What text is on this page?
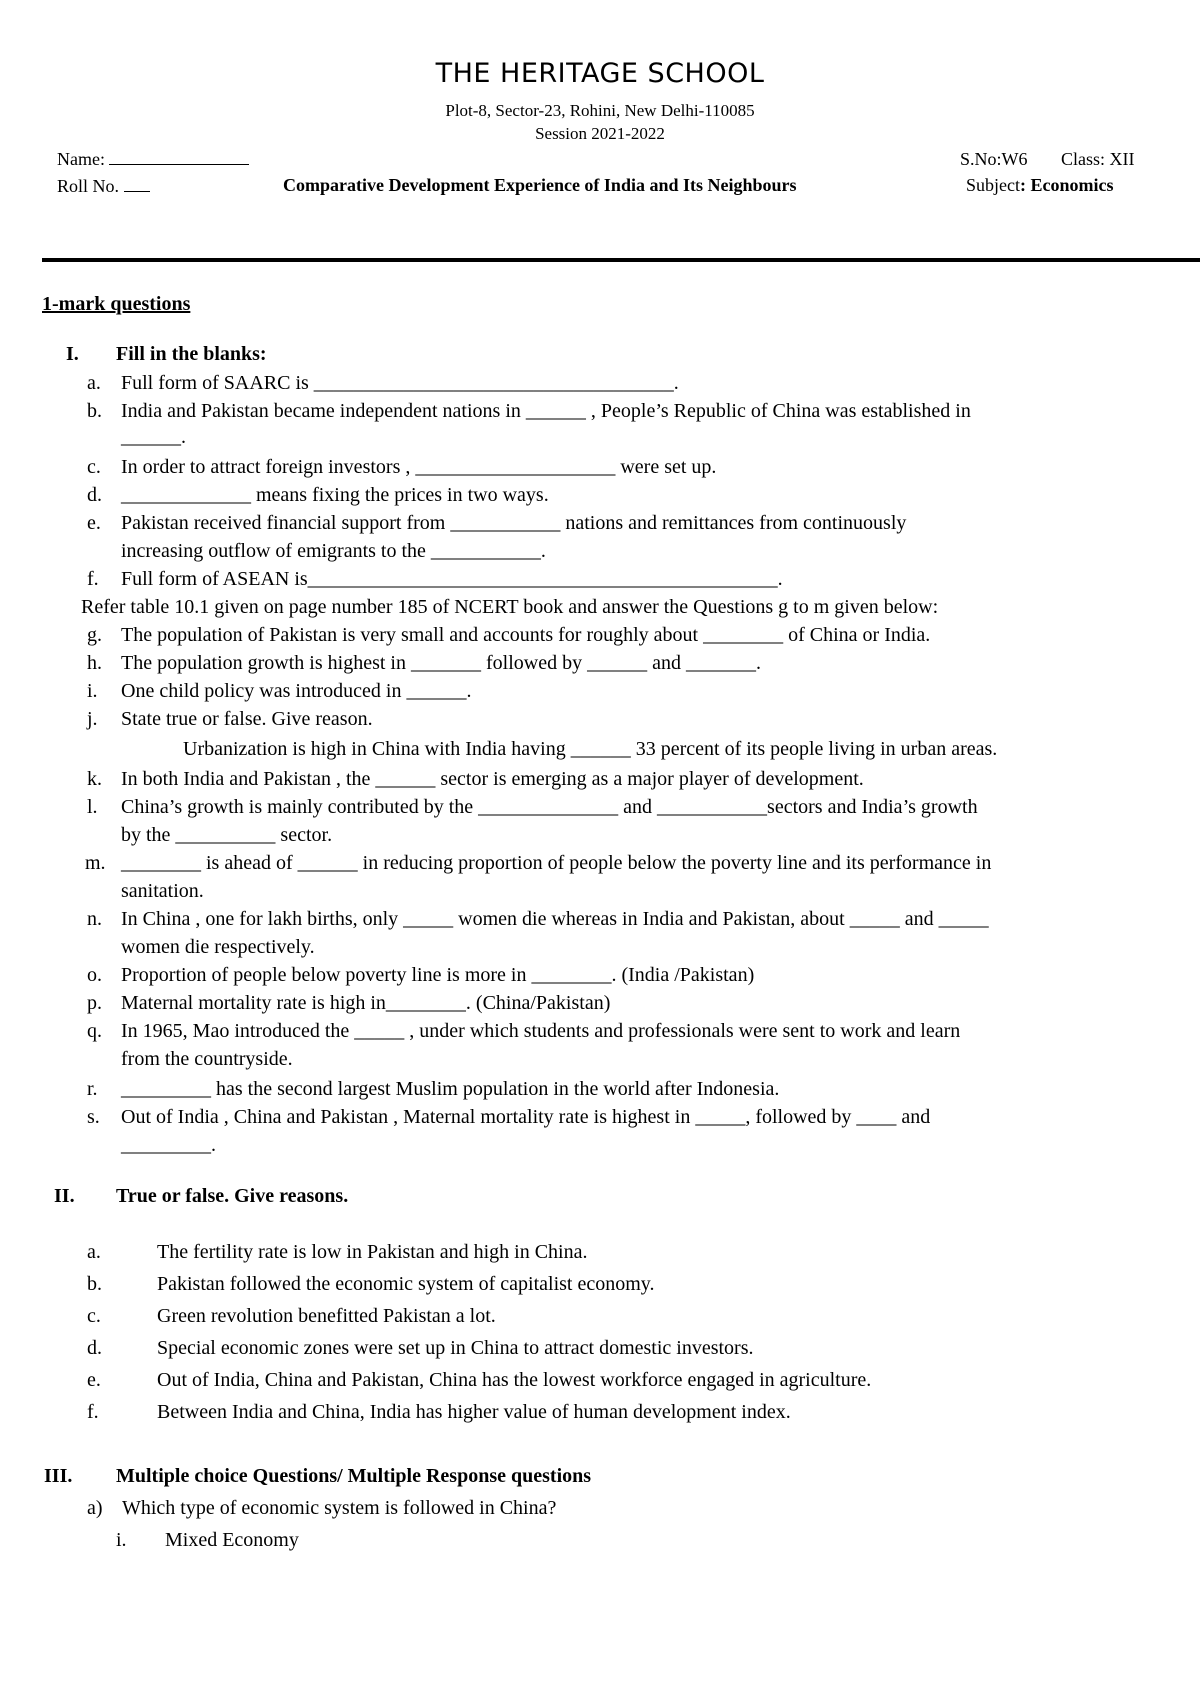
THE HERITAGE SCHOOL
Plot-8, Sector-23, Rohini, New Delhi-110085
Session 2021-2022
Name:
Roll No.	Comparative Development Experience of India and Its Neighbours
S.No:W6 Class: XII
Subject: Economics
1-mark questions
I. Fill in the blanks:
a. Full form of SAARC is ____________________________________.
b. India and Pakistan became independent nations in ______ , People’s Republic of China was established in
______.
c. In order to attract foreign investors , ____________________ were set up.
d. _____________ means fixing the prices in two ways.
e. Pakistan received financial support from ___________ nations and remittances from continuously
increasing outflow of emigrants to the ___________.
f. Full form of ASEAN is_______________________________________________.
Refer table 10.1 given on page number 185 of NCERT book and answer the Questions g to m given below:
g. The population of Pakistan is very small and accounts for roughly about ________ of China or India.
h. The population growth is highest in _______ followed by ______ and _______.
i. One child policy was introduced in ______.
j. State true or false. Give reason.
Urbanization is high in China with India having ______ 33 percent of its people living in urban areas.
k. In both India and Pakistan , the ______ sector is emerging as a major player of development.
l. China’s growth is mainly contributed by the ______________ and ___________sectors and India’s growth
by the __________ sector.
m. ________ is ahead of ______ in reducing proportion of people below the poverty line and its performance in
sanitation.
n. In China , one for lakh births, only _____ women die whereas in India and Pakistan, about _____ and _____
women die respectively.
o. Proportion of people below poverty line is more in ________. (India /Pakistan)
p. Maternal mortality rate is high in________. (China/Pakistan)
q. In 1965, Mao introduced the _____ , under which students and professionals were sent to work and learn
from the countryside.
r. _________ has the second largest Muslim population in the world after Indonesia.
s. Out of India , China and Pakistan , Maternal mortality rate is highest in _____, followed by ____ and
_________.
II. True or false. Give reasons.
a.	The fertility rate is low in Pakistan and high in China.
b.	Pakistan followed the economic system of capitalist economy.
c.	Green revolution benefitted Pakistan a lot.
d.	Special economic zones were set up in China to attract domestic investors.
e.	Out of India, China and Pakistan, China has the lowest workforce engaged in agriculture.
f.	Between India and China, India has higher value of human development index.
III. Multiple choice Questions/ Multiple Response questions
a) Which type of economic system is followed in China?
i. Mixed Economy
